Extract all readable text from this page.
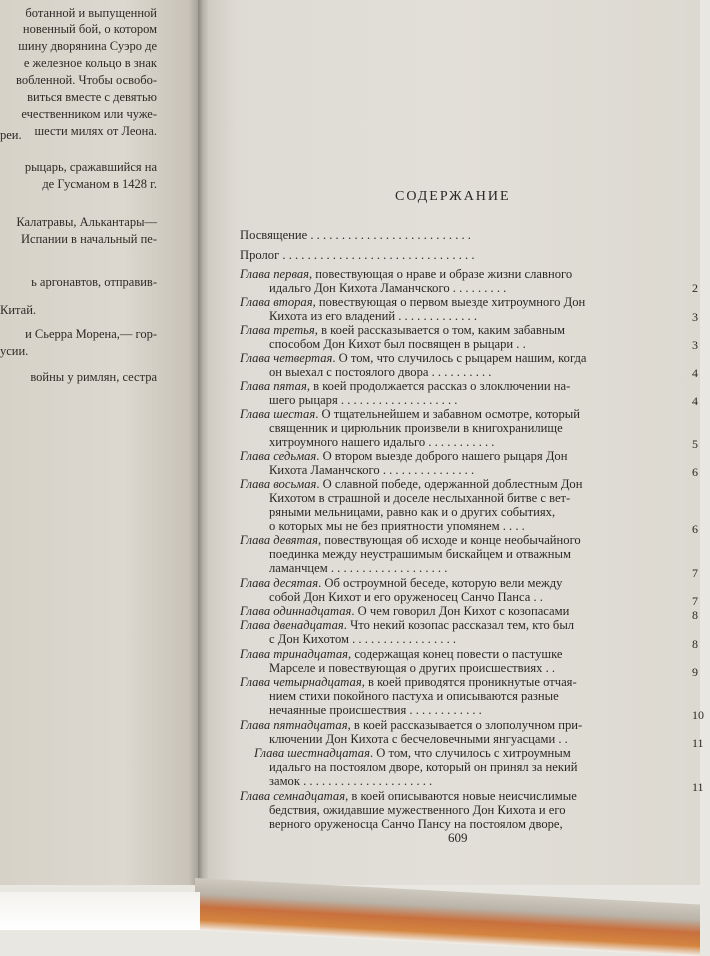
ботанной и выпущенной
новенный бой, о котором
шину дворянина Суэро де
е железное кольцо в знак
вобленной. Чтобы освобо-
виться вместе с девятью
ечественником или чуже-
шести милях от Леона.
реи.
рыцарь, сражавшийся на
де Гусманом в 1428 г.
Калатравы, Алькантары—
Испании в начальный пе-
ь аргонавтов, отправив-
Китай.
и Сьерра Морена,— гор-
усии.
войны у римлян, сестра
СОДЕРЖАНИЕ
Посвящение . . . . . . . . . . . . . . . . . . . . . . . . . .
Пролог . . . . . . . . . . . . . . . . . . . . . . . . . . . . . . .
Глава первая, повествующая о нраве и образе жизни славного
идальго Дон Кихота Ламанчского . . . . . . . . .
Глава вторая, повествующая о первом выезде хитроумного Дон
Кихота из его владений . . . . . . . . . . . . .
Глава третья, в коей рассказывается о том, каким забавным
способом Дон Кихот был посвящен в рыцари . .
Глава четвертая. О том, что случилось с рыцарем нашим, когда
он выехал с постоялого двора . . . . . . . . . .
Глава пятая, в коей продолжается рассказ о злоключении на-
шего рыцаря . . . . . . . . . . . . . . . . . . .
Глава шестая. О тщательнейшем и забавном осмотре, который
священник и цирюльник произвели в книгохранилище
хитроумного нашего идальго . . . . . . . . . . .
Глава седьмая. О втором выезде доброго нашего рыцаря Дон
Кихота Ламанчского . . . . . . . . . . . . . . .
Глава восьмая. О славной победе, одержанной доблестным Дон
Кихотом в страшной и доселе неслыханной битве с вет-
ряными мельницами, равно как и о других событиях,
о которых мы не без приятности упомянем . . . .
Глава девятая, повествующая об исходе и конце необычайного
поединка между неустрашимым бискайцем и отважным
ламанчцем . . . . . . . . . . . . . . . . . . .
Глава десятая. Об остроумной беседе, которую вели между
собой Дон Кихот и его оруженосец Санчо Панса . .
Глава одиннадцатая. О чем говорил Дон Кихот с козопасами
Глава двенадцатая. Что некий козопас рассказал тем, кто был
с Дон Кихотом . . . . . . . . . . . . . . . . .
Глава тринадцатая, содержащая конец повести о пастушке
Марселе и повествующая о других происшествиях . .
Глава четырнадцатая, в коей приводятся проникнутые отчая-
нием стихи покойного пастуха и описываются разные
нечаянные происшествия . . . . . . . . . . . .
Глава пятнадцатая, в коей рассказывается о злополучном при-
ключении Дон Кихота с бесчеловечными янгуасцами . .
Глава шестнадцатая. О том, что случилось с хитроумным
идальго на постоялом дворе, который он принял за некий
замок . . . . . . . . . . . . . . . . . . . . .
Глава семнадцатая, в коей описываются новые неисчислимые
бедствия, ожидавшие мужественного Дон Кихота и его
верного оруженосца Санчо Пансу на постоялом дворе,
2
3
3
4
4
5
6
6
7
7
8
8
9
10
11
11
609
